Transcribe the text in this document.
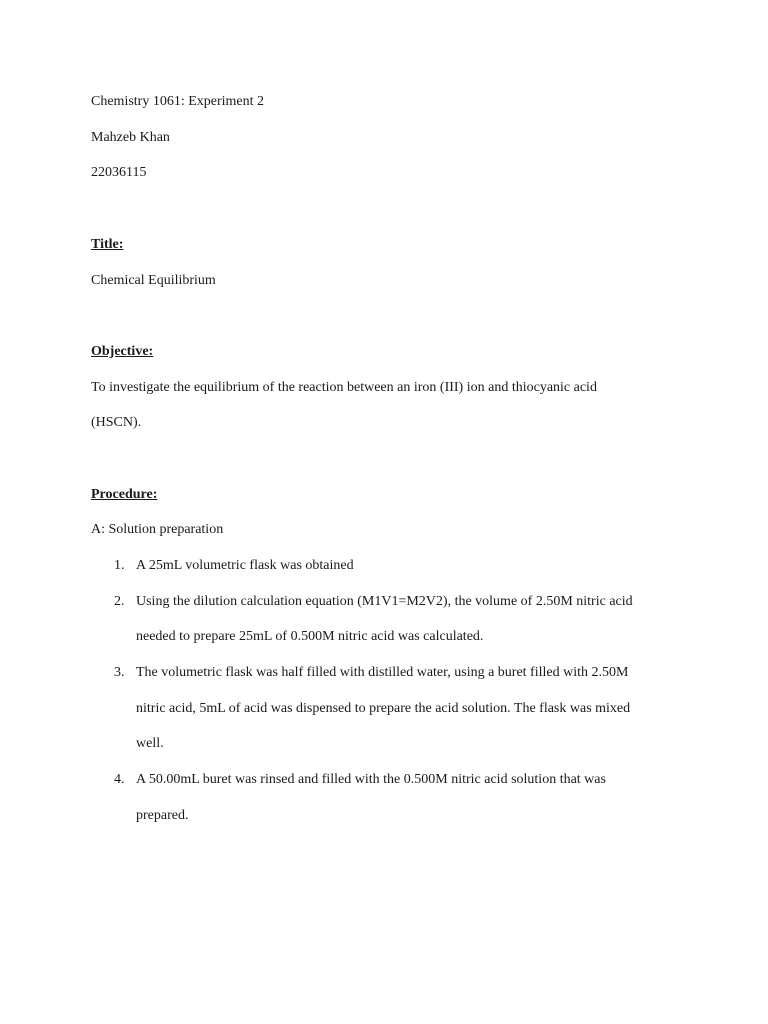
Chemistry 1061: Experiment 2
Mahzeb Khan
22036115
Title:
Chemical Equilibrium
Objective:
To investigate the equilibrium of the reaction between an iron (III) ion and thiocyanic acid
(HSCN).
Procedure:
A: Solution preparation
1. A 25mL volumetric flask was obtained
2. Using the dilution calculation equation (M1V1=M2V2), the volume of 2.50M nitric acid
needed to prepare 25mL of 0.500M nitric acid was calculated.
3. The volumetric flask was half filled with distilled water, using a buret filled with 2.50M
nitric acid, 5mL of acid was dispensed to prepare the acid solution. The flask was mixed
well.
4. A 50.00mL buret was rinsed and filled with the 0.500M nitric acid solution that was
prepared.
